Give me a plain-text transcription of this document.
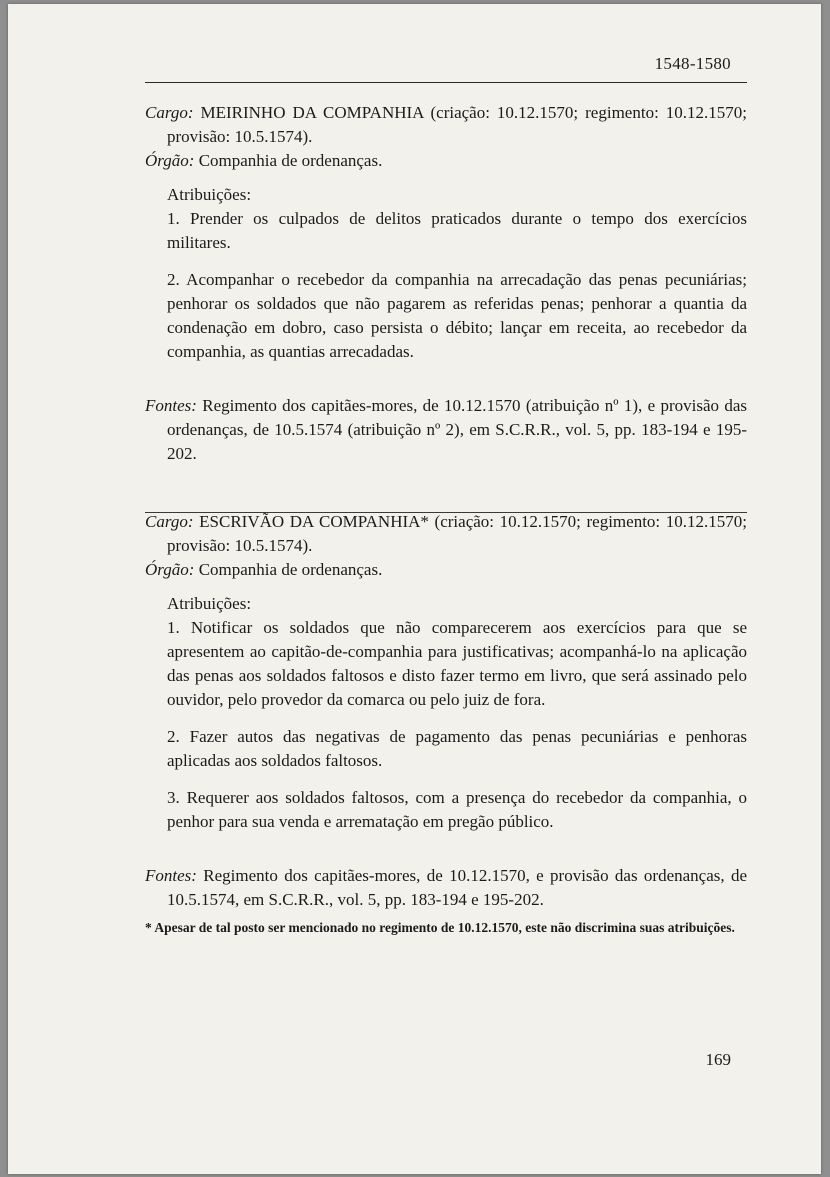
1548-1580

Cargo: MEIRINHO DA COMPANHIA (criação: 10.12.1570; regimento: 10.12.1570; provisão: 10.5.1574).

Órgão: Companhia de ordenanças.

Atribuições:

1. Prender os culpados de delitos praticados durante o tempo dos exercícios militares.

2. Acompanhar o recebedor da companhia na arrecadação das penas pecuniárias; penhorar os soldados que não pagarem as referidas penas; penhorar a quantia da condenação em dobro, caso persista o débito; lançar em receita, ao recebedor da companhia, as quantias arrecadadas.

Fontes: Regimento dos capitães-mores, de 10.12.1570 (atribuição nº 1), e provisão das ordenanças, de 10.5.1574 (atribuição nº 2), em S.C.R.R., vol. 5, pp. 183-194 e 195-202.

Cargo: ESCRIVÃO DA COMPANHIA* (criação: 10.12.1570; regimento: 10.12.1570; provisão: 10.5.1574).

Órgão: Companhia de ordenanças.

Atribuições:

1. Notificar os soldados que não comparecerem aos exercícios para que se apresentem ao capitão-de-companhia para justificativas; acompanhá-lo na aplicação das penas aos soldados faltosos e disto fazer termo em livro, que será assinado pelo ouvidor, pelo provedor da comarca ou pelo juiz de fora.

2. Fazer autos das negativas de pagamento das penas pecuniárias e penhoras aplicadas aos soldados faltosos.

3. Requerer aos soldados faltosos, com a presença do recebedor da companhia, o penhor para sua venda e arrematação em pregão público.

Fontes: Regimento dos capitães-mores, de 10.12.1570, e provisão das ordenanças, de 10.5.1574, em S.C.R.R., vol. 5, pp. 183-194 e 195-202.

* Apesar de tal posto ser mencionado no regimento de 10.12.1570, este não discrimina suas atribuições.

169
